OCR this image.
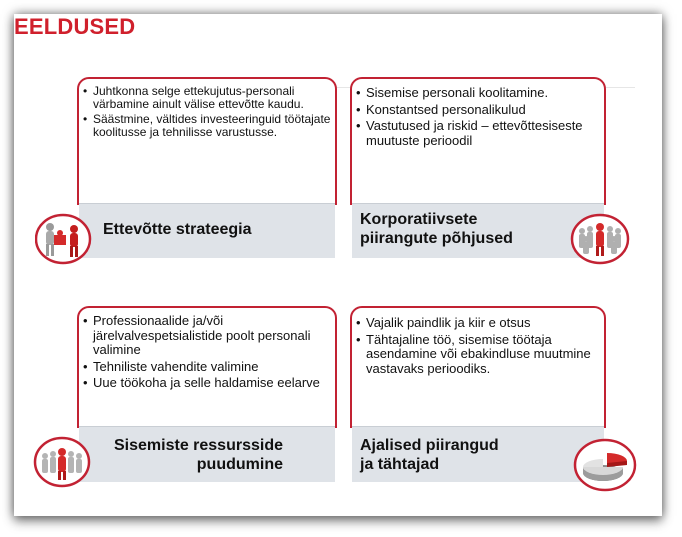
EELDUSED
• Juhtkonna selge ettekujutus-personali värbamine ainult välise ettevõtte kaudu.
• Säästmine, vältides investeeringuid töötajate koolitusse ja tehnilisse varustusse.
Ettevõtte strateegia
• Sisemise personali koolitamine.
• Konstantsed personalikulud
• Vastutused ja riskid – ettevõttesiseste muutuste perioodil
Korporatiivsete
piirangute põhjused
• Professionaalide ja/või järelvalvespetsialistide poolt personali valimine
• Tehniliste vahendite valimine
• Uue töökoha ja selle haldamise eelarve
Sisemiste ressursside
puudumine
• Vajalik paindlik ja kiir e otsus
• Tähtajaline töö, sisemise töötaja asendamine või ebakindluse muutmine vastavaks perioodiks.
Ajalised piirangud
ja tähtajad
